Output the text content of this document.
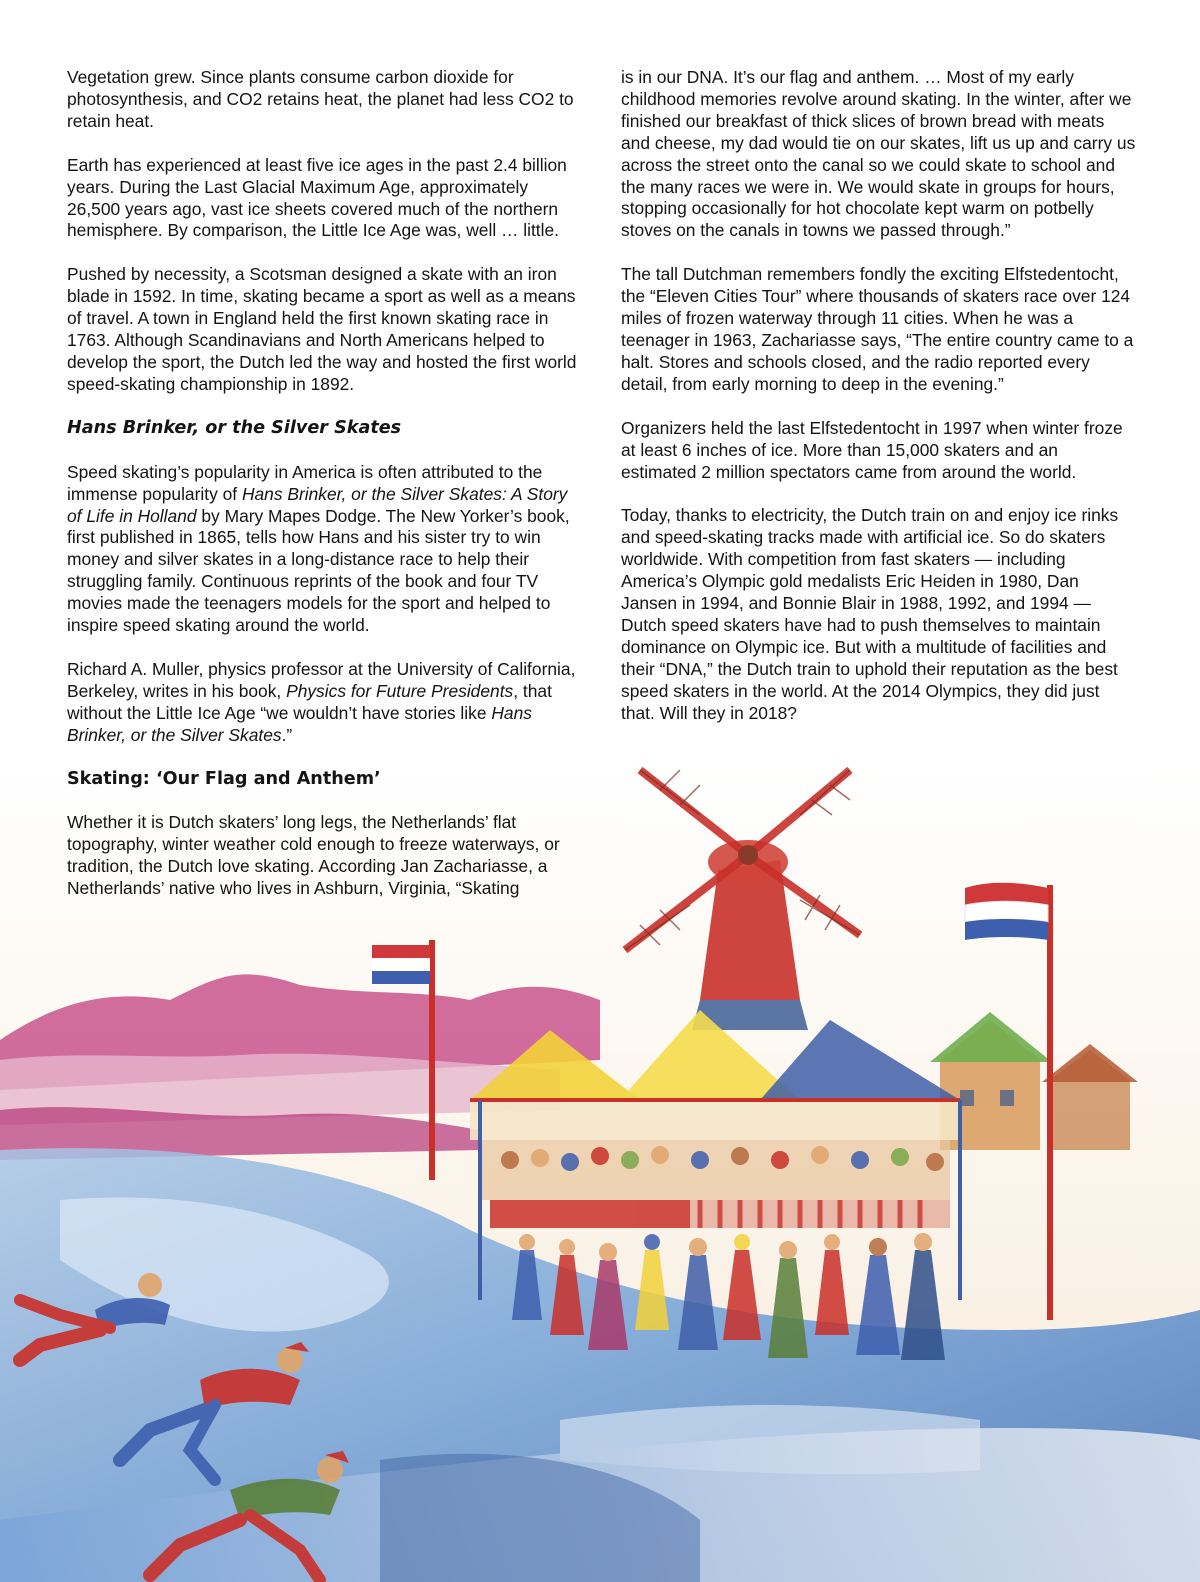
Vegetation grew. Since plants consume carbon dioxide for photosynthesis, and CO2 retains heat, the planet had less CO2 to retain heat.

Earth has experienced at least five ice ages in the past 2.4 billion years. During the Last Glacial Maximum Age, approximately 26,500 years ago, vast ice sheets covered much of the northern hemisphere. By comparison, the Little Ice Age was, well … little.

Pushed by necessity, a Scotsman designed a skate with an iron blade in 1592. In time, skating became a sport as well as a means of travel. A town in England held the first known skating race in 1763. Although Scandinavians and North Americans helped to develop the sport, the Dutch led the way and hosted the first world speed-skating championship in 1892.

Hans Brinker, or the Silver Skates

Speed skating’s popularity in America is often attributed to the immense popularity of Hans Brinker, or the Silver Skates: A Story of Life in Holland by Mary Mapes Dodge. The New Yorker’s book, first published in 1865, tells how Hans and his sister try to win money and silver skates in a long-distance race to help their struggling family. Continuous reprints of the book and four TV movies made the teenagers models for the sport and helped to inspire speed skating around the world.

Richard A. Muller, physics professor at the University of California, Berkeley, writes in his book, Physics for Future Presidents, that without the Little Ice Age “we wouldn’t have stories like Hans Brinker, or the Silver Skates.”

Skating: ‘Our Flag and Anthem’

Whether it is Dutch skaters’ long legs, the Netherlands’ flat topography, winter weather cold enough to freeze waterways, or tradition, the Dutch love skating. According Jan Zachariasse, a Netherlands’ native who lives in Ashburn, Virginia, “Skating

is in our DNA. It’s our flag and anthem. … Most of my early childhood memories revolve around skating. In the winter, after we finished our breakfast of thick slices of brown bread with meats and cheese, my dad would tie on our skates, lift us up and carry us across the street onto the canal so we could skate to school and the many races we were in. We would skate in groups for hours, stopping occasionally for hot chocolate kept warm on potbelly stoves on the canals in towns we passed through.”

The tall Dutchman remembers fondly the exciting Elfstedentocht, the “Eleven Cities Tour” where thousands of skaters race over 124 miles of frozen waterway through 11 cities. When he was a teenager in 1963, Zachariasse says, “The entire country came to a halt. Stores and schools closed, and the radio reported every detail, from early morning to deep in the evening.”

Organizers held the last Elfstedentocht in 1997 when winter froze at least 6 inches of ice. More than 15,000 skaters and an estimated 2 million spectators came from around the world.

Today, thanks to electricity, the Dutch train on and enjoy ice rinks and speed-skating tracks made with artificial ice. So do skaters worldwide. With competition from fast skaters — including America’s Olympic gold medalists Eric Heiden in 1980, Dan Jansen in 1994, and Bonnie Blair in 1988, 1992, and 1994 — Dutch speed skaters have had to push themselves to maintain dominance on Olympic ice. But with a multitude of facilities and their “DNA,” the Dutch train to uphold their reputation as the best speed skaters in the world. At the 2014 Olympics, they did just that. Will they in 2018?
